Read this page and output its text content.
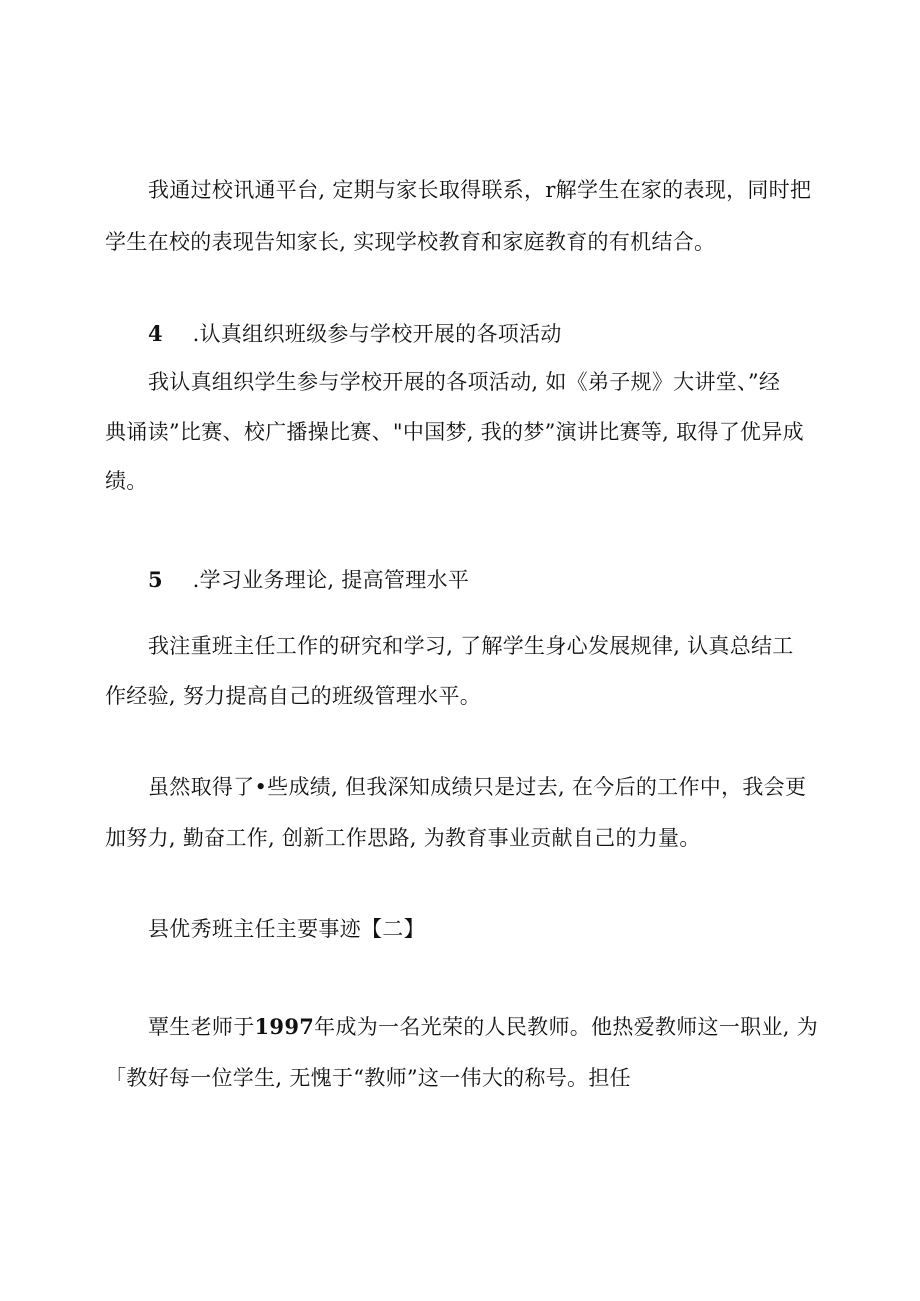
我通过校讯通平台, 定期与家长取得联系，r解学生在家的表现，同时把
学生在校的表现告知家长, 实现学校教育和家庭教育的有机结合。
4 .认真组织班级参与学校开展的各项活动
我认真组织学生参与学校开展的各项活动, 如《弟子规》大讲堂、”经
典诵读”比赛、校广播操比赛、"中国梦, 我的梦”演讲比赛等, 取得了优异成
绩。
5 .学习业务理论, 提高管理水平
我注重班主任工作的研究和学习, 了解学生身心发展规律, 认真总结工
作经验, 努力提高自己的班级管理水平。
虽然取得了•些成绩, 但我深知成绩只是过去, 在今后的工作中，我会更
加努力, 勤奋工作, 创新工作思路, 为教育事业贡献自己的力量。
县优秀班主任主要事迹【二】
覃生老师于1997年成为一名光荣的人民教师。他热爱教师这一职业, 为
「教好每一位学生, 无愧于“教师”这一伟大的称号。担任
